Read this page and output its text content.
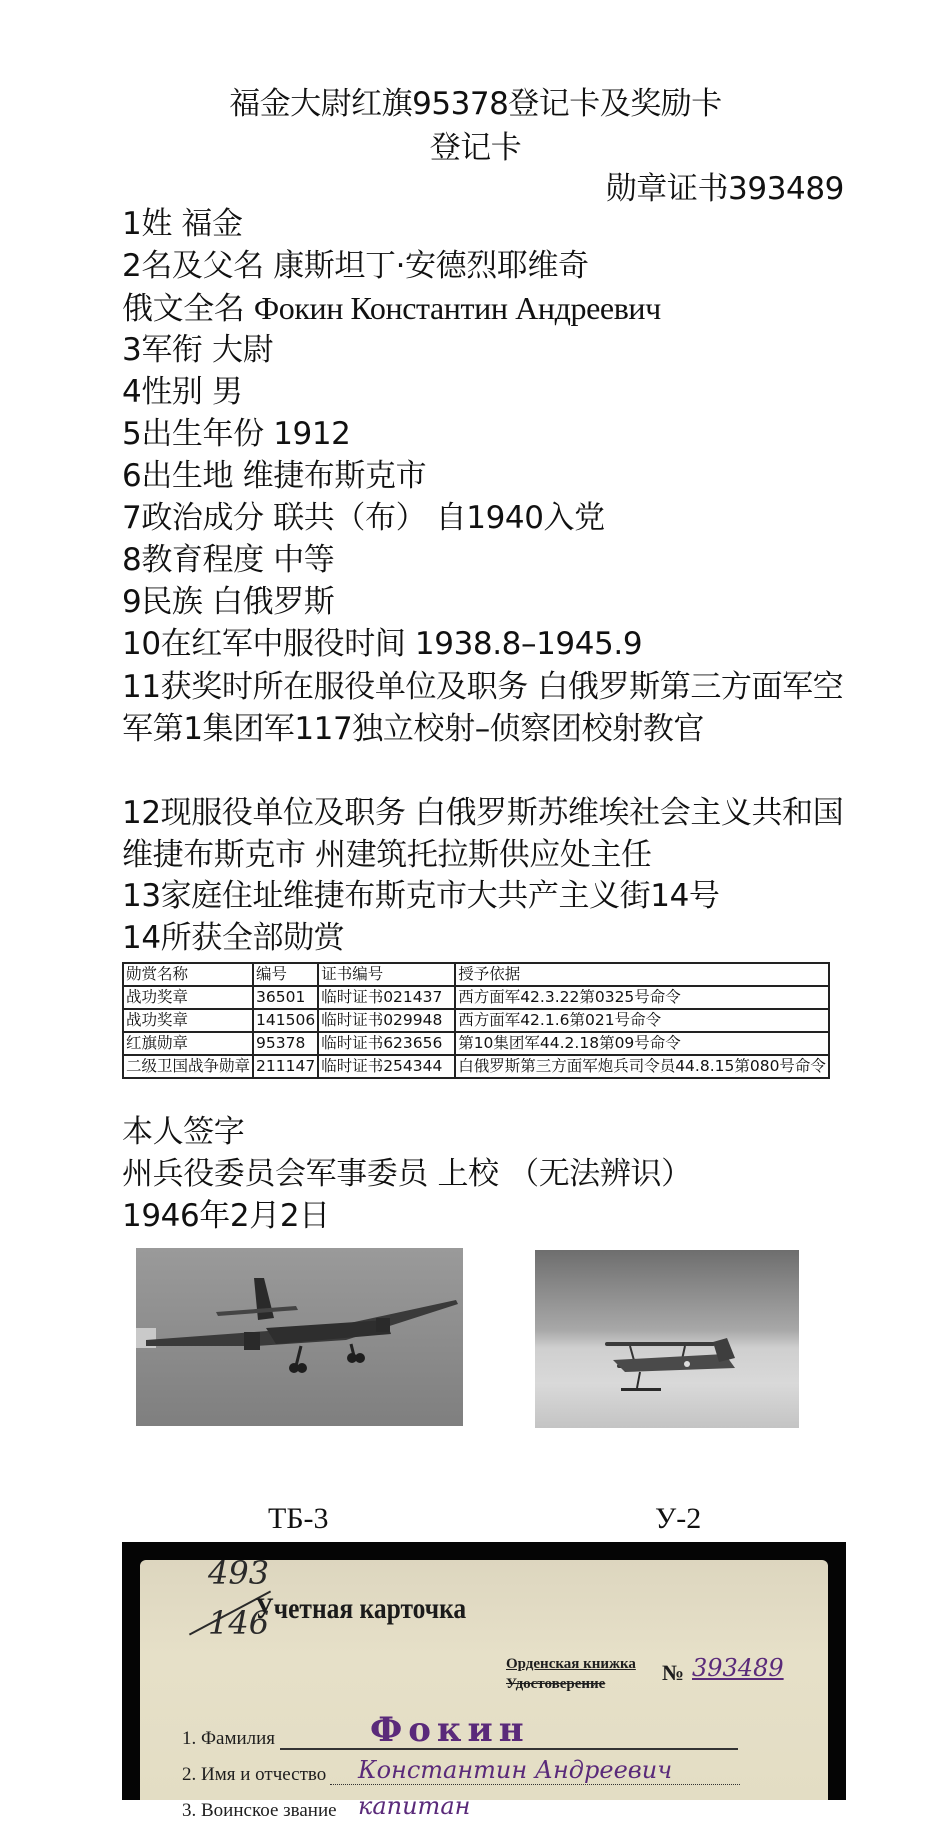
福金大尉红旗95378登记卡及奖励卡
登记卡
勋章证书393489
1姓 福金
2名及父名 康斯坦丁·安德烈耶维奇
俄文全名 Фокин Константин Андреевич
3军衔 大尉
4性别 男
5出生年份 1912
6出生地 维捷布斯克市
7政治成分 联共（布） 自1940入党
8教育程度 中等
9民族 白俄罗斯
10在红军中服役时间 1938.8–1945.9
11获奖时所在服役单位及职务 白俄罗斯第三方面军空军第1集团军117独立校射–侦察团校射教官
12现服役单位及职务 白俄罗斯苏维埃社会主义共和国维捷布斯克市 州建筑托拉斯供应处主任
13家庭住址维捷布斯克市大共产主义街14号
14所获全部勋赏
勋赏名称	编号	证书编号	授予依据
战功奖章	36501	临时证书021437	西方面军42.3.22第0325号命令
战功奖章	141506	临时证书029948	西方面军42.1.6第021号命令
红旗勋章	95378	临时证书623656	第10集团军44.2.18第09号命令
二级卫国战争勋章	211147	临时证书254344	白俄罗斯第三方面军炮兵司令员44.8.15第080号命令
本人签字
州兵役委员会军事委员 上校 （无法辨识）
1946年2月2日
ТБ-3	У-2
493
146
Учетная карточка
Орденская книжка
Удостоверение	№ 393489
1. Фамилия	Фокин
2. Имя и отчество Константин Андреевич
3. Воинское звание капитан
